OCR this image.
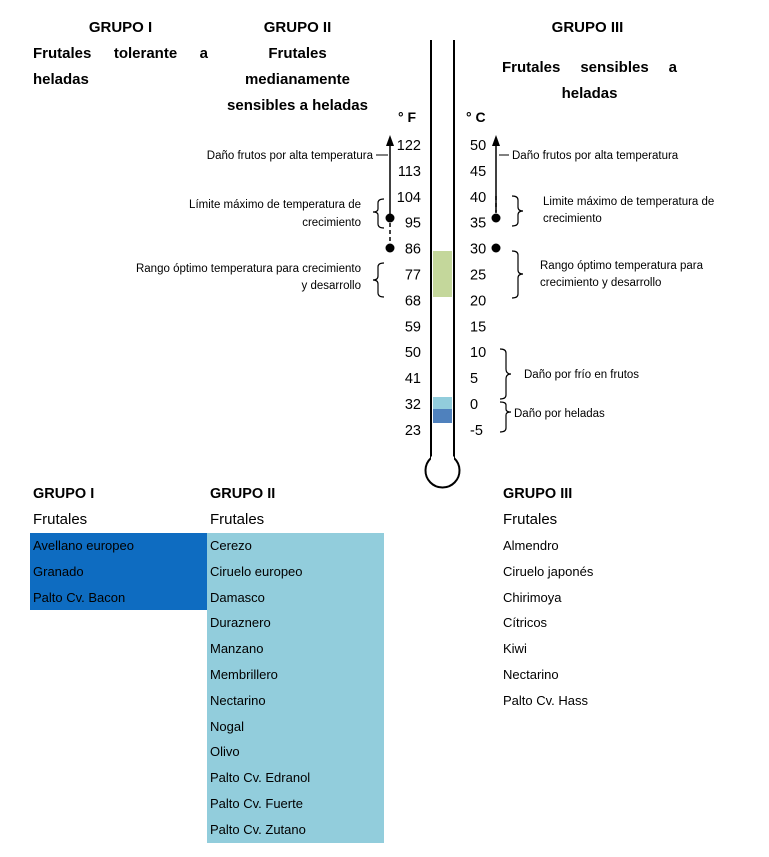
GRUPO I
Frutales tolerante a
heladas
GRUPO II
Frutales
medianamente
sensibles a heladas
GRUPO III
Frutales sensibles a
heladas
° F	° C
122
113
104
95
86
77
68
59
50
41
32
23
50
45
40
35
30
25
20
15
10
5
0
-5
Daño frutos por alta temperatura
Límite máximo de temperatura de
crecimiento
Rango óptimo temperatura para crecimiento
y desarrollo
Daño frutos por alta temperatura
Limite máximo de temperatura de
crecimiento
Rango óptimo temperatura para
crecimiento y desarrollo
Daño por frío en frutos
Daño por heladas
GRUPO I
Frutales
Avellano europeo
Granado
Palto Cv. Bacon
GRUPO II
Frutales
Cerezo
Ciruelo europeo
Damasco
Duraznero
Manzano
Membrillero
Nectarino
Nogal
Olivo
Palto Cv. Edranol
Palto Cv. Fuerte
Palto Cv. Zutano
GRUPO III
Frutales
Almendro
Ciruelo japonés
Chirimoya
Cítricos
Kiwi
Nectarino
Palto Cv. Hass
